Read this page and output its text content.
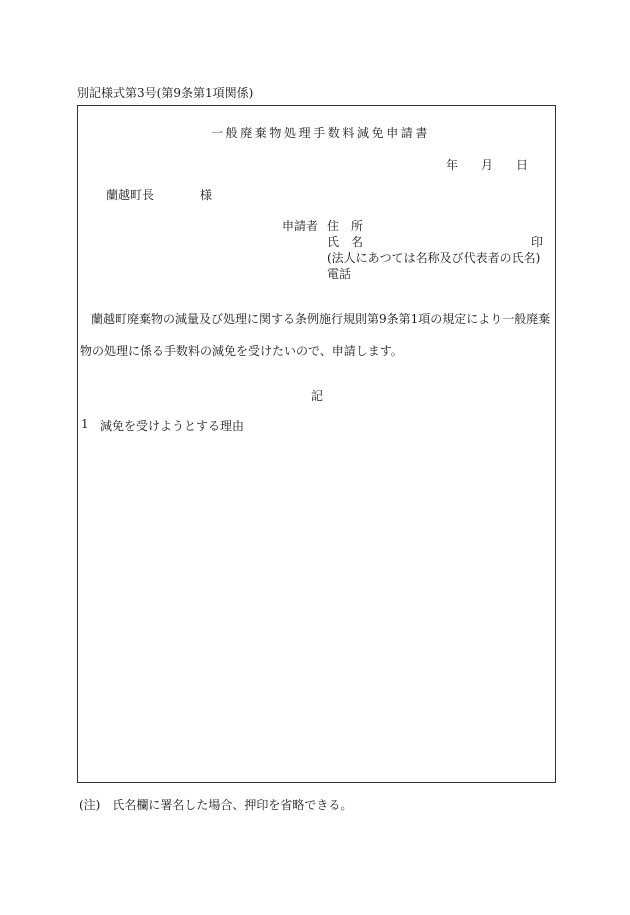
別記様式第3号(第9条第1項関係)
一般廃棄物処理手数料減免申請書
年 月 日
蘭越町長	様
申請者 住　所
氏　名	印
(法人にあつては名称及び代表者の氏名)
電話
蘭越町廃棄物の減量及び処理に関する条例施行規則第9条第1項の規定により一般廃棄
物の処理に係る手数料の減免を受けたいので、申請します。
記
1 減免を受けようとする理由
(注)　氏名欄に署名した場合、押印を省略できる。
